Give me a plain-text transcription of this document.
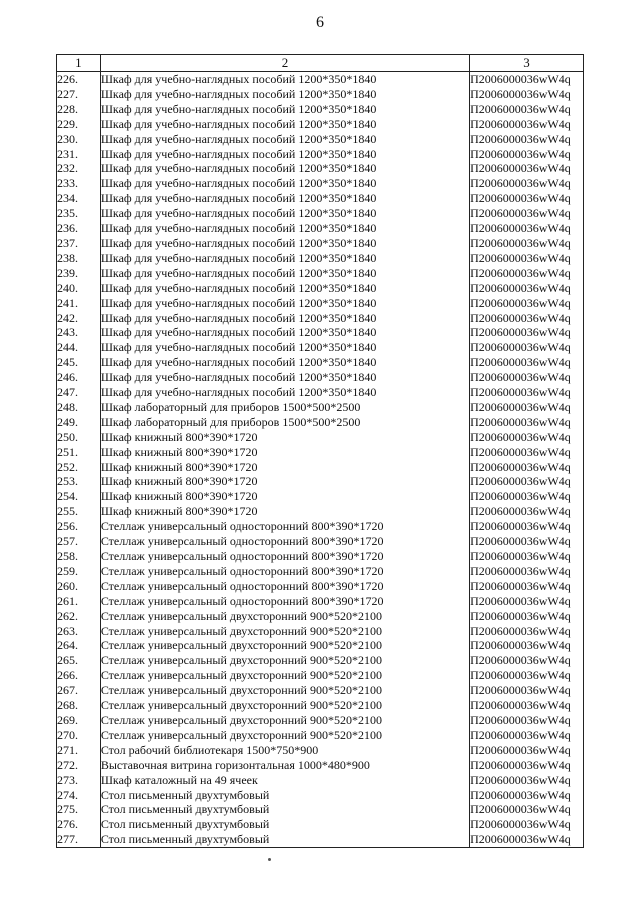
6
1	2	3
226.	Шкаф для учебно-наглядных пособий 1200*350*1840	П2006000036wW4q
227.	Шкаф для учебно-наглядных пособий 1200*350*1840	П2006000036wW4q
228.	Шкаф для учебно-наглядных пособий 1200*350*1840	П2006000036wW4q
229.	Шкаф для учебно-наглядных пособий 1200*350*1840	П2006000036wW4q
230.	Шкаф для учебно-наглядных пособий 1200*350*1840	П2006000036wW4q
231.	Шкаф для учебно-наглядных пособий 1200*350*1840	П2006000036wW4q
232.	Шкаф для учебно-наглядных пособий 1200*350*1840	П2006000036wW4q
233.	Шкаф для учебно-наглядных пособий 1200*350*1840	П2006000036wW4q
234.	Шкаф для учебно-наглядных пособий 1200*350*1840	П2006000036wW4q
235.	Шкаф для учебно-наглядных пособий 1200*350*1840	П2006000036wW4q
236.	Шкаф для учебно-наглядных пособий 1200*350*1840	П2006000036wW4q
237.	Шкаф для учебно-наглядных пособий 1200*350*1840	П2006000036wW4q
238.	Шкаф для учебно-наглядных пособий 1200*350*1840	П2006000036wW4q
239.	Шкаф для учебно-наглядных пособий 1200*350*1840	П2006000036wW4q
240.	Шкаф для учебно-наглядных пособий 1200*350*1840	П2006000036wW4q
241.	Шкаф для учебно-наглядных пособий 1200*350*1840	П2006000036wW4q
242.	Шкаф для учебно-наглядных пособий 1200*350*1840	П2006000036wW4q
243.	Шкаф для учебно-наглядных пособий 1200*350*1840	П2006000036wW4q
244.	Шкаф для учебно-наглядных пособий 1200*350*1840	П2006000036wW4q
245.	Шкаф для учебно-наглядных пособий 1200*350*1840	П2006000036wW4q
246.	Шкаф для учебно-наглядных пособий 1200*350*1840	П2006000036wW4q
247.	Шкаф для учебно-наглядных пособий 1200*350*1840	П2006000036wW4q
248.	Шкаф лабораторный для приборов 1500*500*2500	П2006000036wW4q
249.	Шкаф лабораторный для приборов 1500*500*2500	П2006000036wW4q
250.	Шкаф книжный 800*390*1720	П2006000036wW4q
251.	Шкаф книжный 800*390*1720	П2006000036wW4q
252.	Шкаф книжный 800*390*1720	П2006000036wW4q
253.	Шкаф книжный 800*390*1720	П2006000036wW4q
254.	Шкаф книжный 800*390*1720	П2006000036wW4q
255.	Шкаф книжный 800*390*1720	П2006000036wW4q
256.	Стеллаж универсальный односторонний 800*390*1720	П2006000036wW4q
257.	Стеллаж универсальный односторонний 800*390*1720	П2006000036wW4q
258.	Стеллаж универсальный односторонний 800*390*1720	П2006000036wW4q
259.	Стеллаж универсальный односторонний 800*390*1720	П2006000036wW4q
260.	Стеллаж универсальный односторонний 800*390*1720	П2006000036wW4q
261.	Стеллаж универсальный односторонний 800*390*1720	П2006000036wW4q
262.	Стеллаж универсальный двухсторонний 900*520*2100	П2006000036wW4q
263.	Стеллаж универсальный двухсторонний 900*520*2100	П2006000036wW4q
264.	Стеллаж универсальный двухсторонний 900*520*2100	П2006000036wW4q
265.	Стеллаж универсальный двухсторонний 900*520*2100	П2006000036wW4q
266.	Стеллаж универсальный двухсторонний 900*520*2100	П2006000036wW4q
267.	Стеллаж универсальный двухсторонний 900*520*2100	П2006000036wW4q
268.	Стеллаж универсальный двухсторонний 900*520*2100	П2006000036wW4q
269.	Стеллаж универсальный двухсторонний 900*520*2100	П2006000036wW4q
270.	Стеллаж универсальный двухсторонний 900*520*2100	П2006000036wW4q
271.	Стол рабочий библиотекаря 1500*750*900	П2006000036wW4q
272.	Выставочная витрина горизонтальная 1000*480*900	П2006000036wW4q
273.	Шкаф каталожный на 49 ячеек	П2006000036wW4q
274.	Стол письменный двухтумбовый	П2006000036wW4q
275.	Стол письменный двухтумбовый	П2006000036wW4q
276.	Стол письменный двухтумбовый	П2006000036wW4q
277.	Стол письменный двухтумбовый	П2006000036wW4q
